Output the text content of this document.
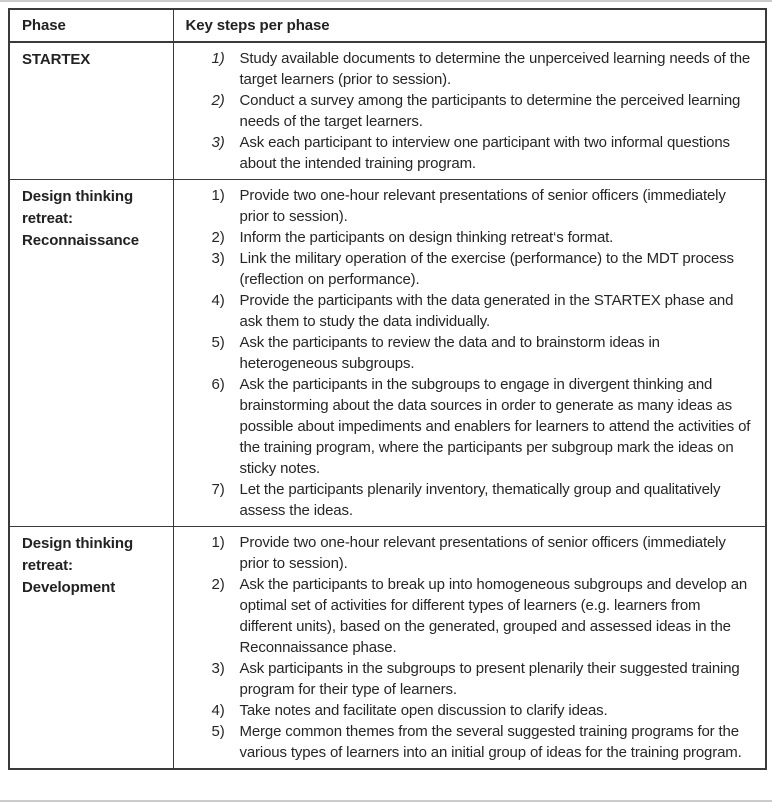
Phase	Key steps per phase

STARTEX	1) Study available documents to determine the unperceived learning needs of the target learners (prior to session).
2) Conduct a survey among the participants to determine the perceived learning needs of the target learners.
3) Ask each participant to interview one participant with two informal questions about the intended training program.

Design thinking retreat: Reconnaissance

1) Provide two one-hour relevant presentations of senior officers (immediately prior to session).
2) Inform the participants on design thinking retreat‘s format.
3) Link the military operation of the exercise (performance) to the MDT process (reflection on performance).
4) Provide the participants with the data generated in the STARTEX phase and ask them to study the data individually.
5) Ask the participants to review the data and to brainstorm ideas in heterogeneous subgroups.
6) Ask the participants in the subgroups to engage in divergent thinking and brainstorming about the data sources in order to generate as many ideas as possible about impediments and enablers for learners to attend the activities of the training program, where the participants per subgroup mark the ideas on sticky notes.
7) Let the participants plenarily inventory, thematically group and qualitatively assess the ideas.

Design thinking retreat: Development

1) Provide two one-hour relevant presentations of senior officers (immediately prior to session).
2) Ask the participants to break up into homogeneous subgroups and develop an optimal set of activities for different types of learners (e.g. learners from different units), based on the generated, grouped and assessed ideas in the Reconnaissance phase.
3) Ask participants in the subgroups to present plenarily their suggested training program for their type of learners.
4) Take notes and facilitate open discussion to clarify ideas.
5) Merge common themes from the several suggested training programs for the various types of learners into an initial group of ideas for the training program.
